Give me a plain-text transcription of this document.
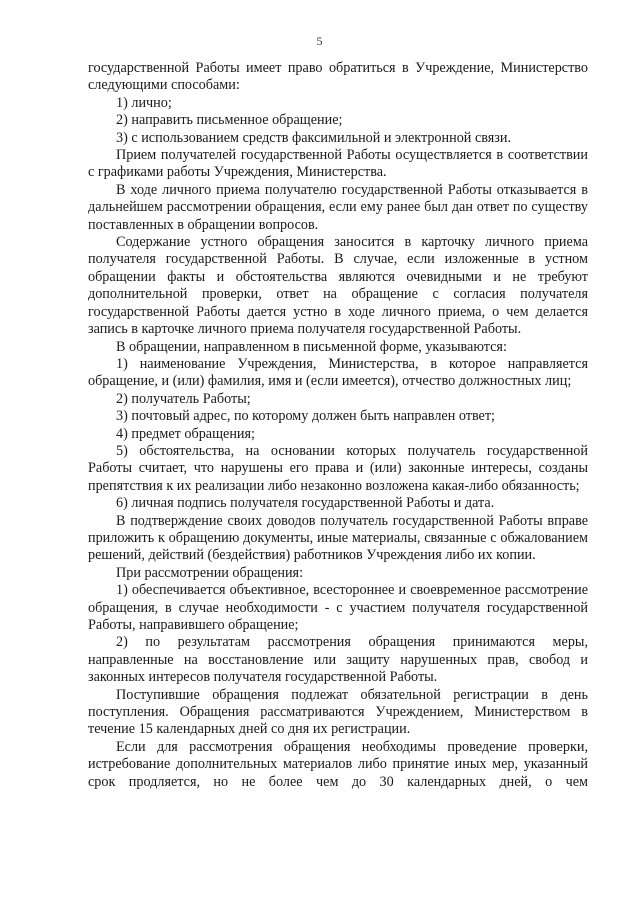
5

государственной Работы имеет право обратиться в Учреждение, Министерство следующими способами:

1) лично;

2) направить письменное обращение;

3) с использованием средств факсимильной и электронной связи.

Прием получателей государственной Работы осуществляется в соответствии с графиками работы Учреждения, Министерства.

В ходе личного приема получателю государственной Работы отказывается в дальнейшем рассмотрении обращения, если ему ранее был дан ответ по существу поставленных в обращении вопросов.

Содержание устного обращения заносится в карточку личного приема получателя государственной Работы. В случае, если изложенные в устном обращении факты и обстоятельства являются очевидными и не требуют дополнительной проверки, ответ на обращение с согласия получателя государственной Работы дается устно в ходе личного приема, о чем делается запись в карточке личного приема получателя государственной Работы.

В обращении, направленном в письменной форме, указываются:

1) наименование Учреждения, Министерства, в которое направляется обращение, и (или) фамилия, имя и (если имеется), отчество должностных лиц;

2) получатель Работы;

3) почтовый адрес, по которому должен быть направлен ответ;

4) предмет обращения;

5) обстоятельства, на основании которых получатель государственной Работы считает, что нарушены его права и (или) законные интересы, созданы препятствия к их реализации либо незаконно возложена какая-либо обязанность;

6) личная подпись получателя государственной Работы и дата.

В подтверждение своих доводов получатель государственной Работы вправе приложить к обращению документы, иные материалы, связанные с обжалованием решений, действий (бездействия) работников Учреждения либо их копии.

При рассмотрении обращения:

1) обеспечивается объективное, всестороннее и своевременное рассмотрение обращения, в случае необходимости - с участием получателя государственной Работы, направившего обращение;

2) по результатам рассмотрения обращения принимаются меры, направленные на восстановление или защиту нарушенных прав, свобод и законных интересов получателя государственной Работы.

Поступившие обращения подлежат обязательной регистрации в день поступления. Обращения рассматриваются Учреждением, Министерством в течение 15 календарных дней со дня их регистрации.

Если для рассмотрения обращения необходимы проведение проверки, истребование дополнительных материалов либо принятие иных мер, указанный срок продляется, но не более чем до 30 календарных дней, о чем
